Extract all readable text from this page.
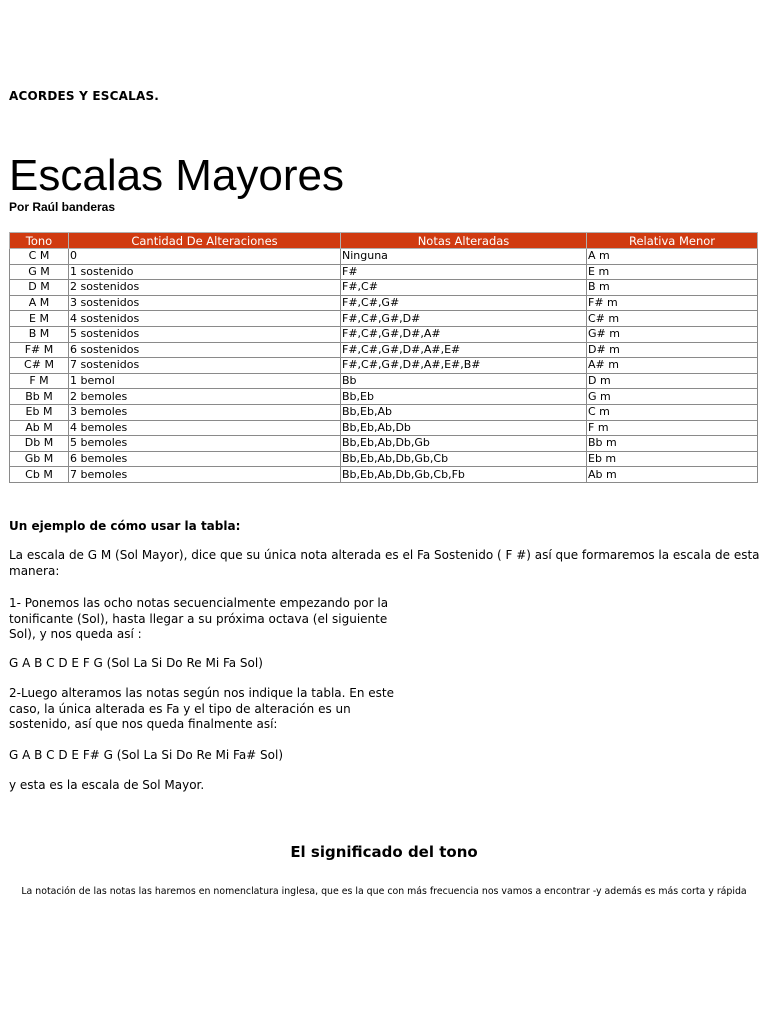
ACORDES Y ESCALAS.
Escalas Mayores
Por Raúl banderas
Tono	Cantidad De Alteraciones	Notas Alteradas	Relativa Menor
C M	0	Ninguna	A m
G M	1 sostenido	F#	E m
D M	2 sostenidos	F#,C#	B m
A M	3 sostenidos	F#,C#,G#	F# m
E M	4 sostenidos	F#,C#,G#,D#	C# m
B M	5 sostenidos	F#,C#,G#,D#,A#	G# m
F# M	6 sostenidos	F#,C#,G#,D#,A#,E#	D# m
C# M	7 sostenidos	F#,C#,G#,D#,A#,E#,B#	A# m
F M	1 bemol	Bb	D m
Bb M	2 bemoles	Bb,Eb	G m
Eb M	3 bemoles	Bb,Eb,Ab	C m
Ab M	4 bemoles	Bb,Eb,Ab,Db	F m
Db M	5 bemoles	Bb,Eb,Ab,Db,Gb	Bb m
Gb M	6 bemoles	Bb,Eb,Ab,Db,Gb,Cb	Eb m
Cb M	7 bemoles	Bb,Eb,Ab,Db,Gb,Cb,Fb	Ab m
Un ejemplo de cómo usar la tabla:
La escala de G M (Sol Mayor), dice que su única nota alterada es el Fa Sostenido ( F #) así que formaremos la escala de esta manera:
1- Ponemos las ocho notas secuencialmente empezando por la tonificante (Sol), hasta llegar a su próxima octava (el siguiente Sol), y nos queda así :
G A B C D E F G (Sol La Si Do Re Mi Fa Sol)
2-Luego alteramos las notas según nos indique la tabla. En este caso, la única alterada es Fa y el tipo de alteración es un sostenido, así que nos queda finalmente así:
G A B C D E F# G (Sol La Si Do Re Mi Fa# Sol)
y esta es la escala de Sol Mayor.
El significado del tono
La notación de las notas las haremos en nomenclatura inglesa, que es la que con más frecuencia nos vamos a encontrar -y además es más corta y rápida
